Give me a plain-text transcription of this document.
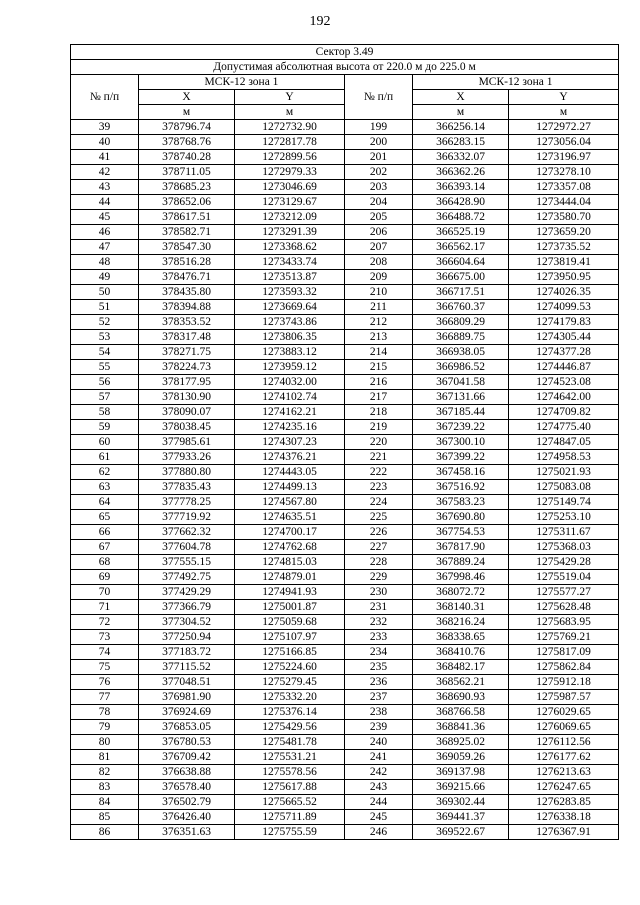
192
Сектор 3.49					
Допустимая абсолютная высота от 220.0 м до 225.0 м					
№ п/п	МСК-12 зона 1		№ п/п	МСК-12 зона 1	
	X	Y		X	Y
	м	м		м	м
39	378796.74	1272732.90	199	366256.14	1272972.27
40	378768.76	1272817.78	200	366283.15	1273056.04
41	378740.28	1272899.56	201	366332.07	1273196.97
42	378711.05	1272979.33	202	366362.26	1273278.10
43	378685.23	1273046.69	203	366393.14	1273357.08
44	378652.06	1273129.67	204	366428.90	1273444.04
45	378617.51	1273212.09	205	366488.72	1273580.70
46	378582.71	1273291.39	206	366525.19	1273659.20
47	378547.30	1273368.62	207	366562.17	1273735.52
48	378516.28	1273433.74	208	366604.64	1273819.41
49	378476.71	1273513.87	209	366675.00	1273950.95
50	378435.80	1273593.32	210	366717.51	1274026.35
51	378394.88	1273669.64	211	366760.37	1274099.53
52	378353.52	1273743.86	212	366809.29	1274179.83
53	378317.48	1273806.35	213	366889.75	1274305.44
54	378271.75	1273883.12	214	366938.05	1274377.28
55	378224.73	1273959.12	215	366986.52	1274446.87
56	378177.95	1274032.00	216	367041.58	1274523.08
57	378130.90	1274102.74	217	367131.66	1274642.00
58	378090.07	1274162.21	218	367185.44	1274709.82
59	378038.45	1274235.16	219	367239.22	1274775.40
60	377985.61	1274307.23	220	367300.10	1274847.05
61	377933.26	1274376.21	221	367399.22	1274958.53
62	377880.80	1274443.05	222	367458.16	1275021.93
63	377835.43	1274499.13	223	367516.92	1275083.08
64	377778.25	1274567.80	224	367583.23	1275149.74
65	377719.92	1274635.51	225	367690.80	1275253.10
66	377662.32	1274700.17	226	367754.53	1275311.67
67	377604.78	1274762.68	227	367817.90	1275368.03
68	377555.15	1274815.03	228	367889.24	1275429.28
69	377492.75	1274879.01	229	367998.46	1275519.04
70	377429.29	1274941.93	230	368072.72	1275577.27
71	377366.79	1275001.87	231	368140.31	1275628.48
72	377304.52	1275059.68	232	368216.24	1275683.95
73	377250.94	1275107.97	233	368338.65	1275769.21
74	377183.72	1275166.85	234	368410.76	1275817.09
75	377115.52	1275224.60	235	368482.17	1275862.84
76	377048.51	1275279.45	236	368562.21	1275912.18
77	376981.90	1275332.20	237	368690.93	1275987.57
78	376924.69	1275376.14	238	368766.58	1276029.65
79	376853.05	1275429.56	239	368841.36	1276069.65
80	376780.53	1275481.78	240	368925.02	1276112.56
81	376709.42	1275531.21	241	369059.26	1276177.62
82	376638.88	1275578.56	242	369137.98	1276213.63
83	376578.40	1275617.88	243	369215.66	1276247.65
84	376502.79	1275665.52	244	369302.44	1276283.85
85	376426.40	1275711.89	245	369441.37	1276338.18
86	376351.63	1275755.59	246	369522.67	1276367.91
